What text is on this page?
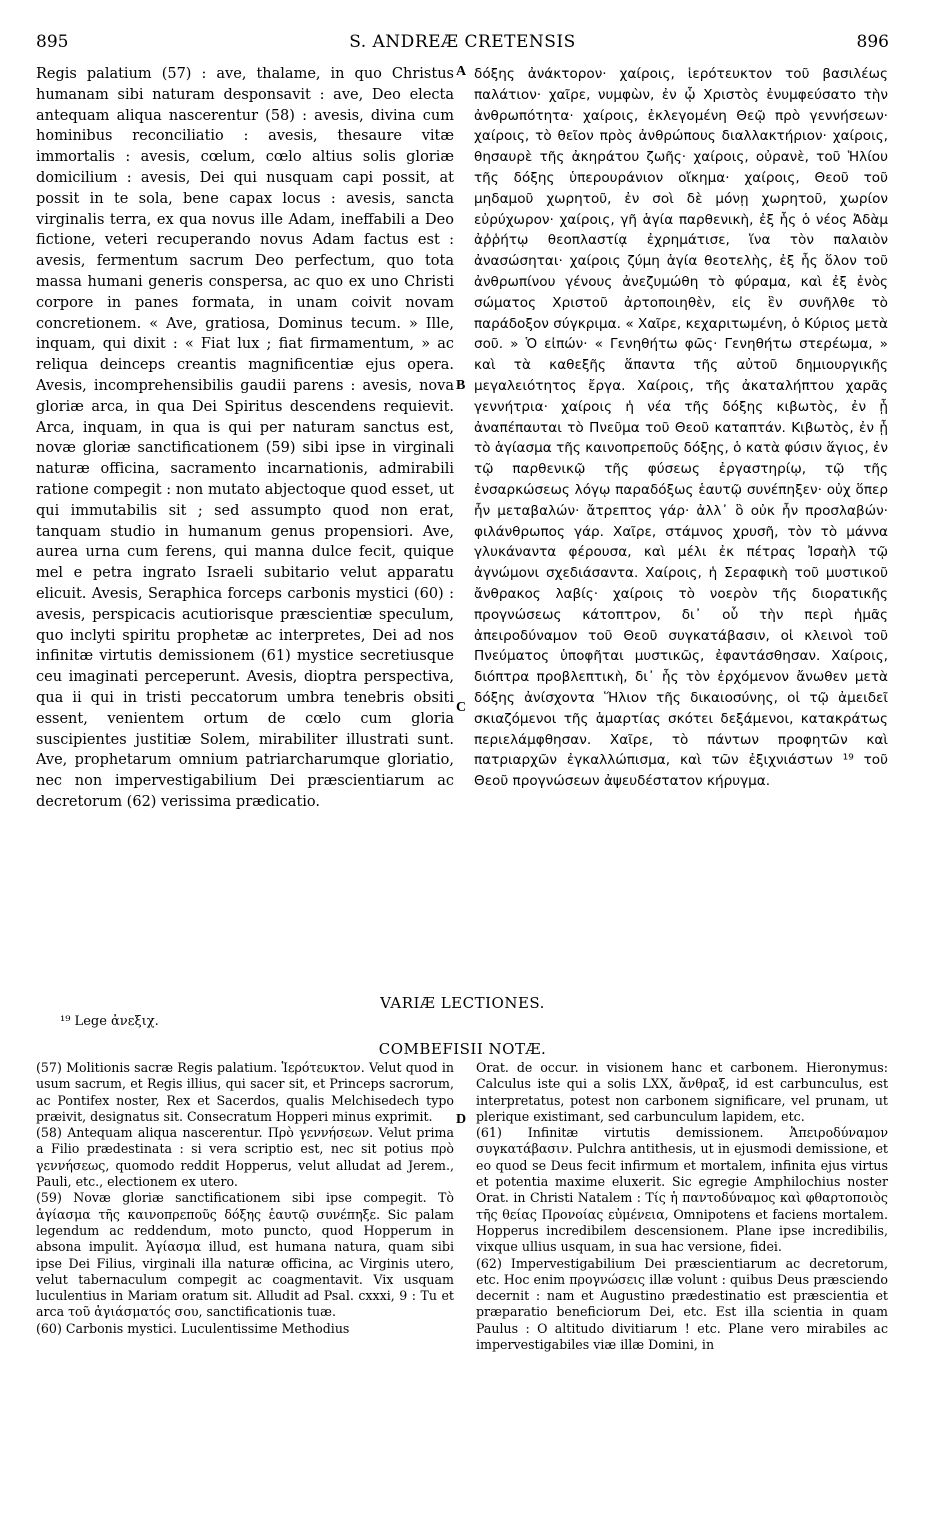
895	S. ANDREÆ CRETENSIS	896

Regis palatium (57) : ave, thalame, in quo Christus humanam sibi naturam desponsavit : ave, Deo electa antequam aliqua nascerentur (58) : avesis, divina cum hominibus reconciliatio : avesis, thesaure vitæ immortalis : avesis, cœlum, cœlo altius solis gloriæ domicilium : avesis, Dei qui nusquam capi possit, at possit in te sola, bene capax locus : avesis, sancta virginalis terra, ex qua novus ille Adam, ineffabili a Deo fictione, veteri recuperando novus Adam factus est : avesis, fermentum sacrum Deo perfectum, quo tota massa humani generis conspersa, ac quo ex uno Christi corpore in panes formata, in unam coivit novam concretionem. « Ave, gratiosa, Dominus tecum. » Ille, inquam, qui dixit : « Fiat lux ; fiat firmamentum, » ac reliqua deinceps creantis magnificentiæ ejus opera. Avesis, incomprehensibilis gaudii parens : avesis, nova gloriæ arca, in qua Dei Spiritus descendens requievit. Arca, inquam, in qua is qui per naturam sanctus est, novæ gloriæ sanctificationem (59) sibi ipse in virginali naturæ officina, sacramento incarnationis, admirabili ratione compegit : non mutato abjectoque quod esset, ut qui immutabilis sit ; sed assumpto quod non erat, tanquam studio in humanum genus propensiori. Ave, aurea urna cum ferens, qui manna dulce fecit, quique mel e petra ingrato Israeli subitario velut apparatu elicuit. Avesis, Seraphica forceps carbonis mystici (60) : avesis, perspicacis acutiorisque præscientiæ speculum, quo inclyti spiritu prophetæ ac interpretes, Dei ad nos infinitæ virtutis demissionem (61) mystice secretiusque ceu imaginati perceperunt. Avesis, dioptra perspectiva, qua ii qui in tristi peccatorum umbra tenebris obsiti essent, venientem ortum de cœlo cum gloria suscipientes justitiæ Solem, mirabiliter illustrati sunt. Ave, prophetarum omnium patriarcharumque gloriatio, nec non impervestigabilium Dei præscientiarum ac decretorum (62) verissima prædicatio.

A
B
C
D

δόξης ἀνάκτορον· χαίροις, ἱερότευκτον τοῦ βασιλέως παλάτιον· χαῖρε, νυμφὼν, ἐν ᾧ Χριστὸς ἐνυμφεύσατο τὴν ἀνθρωπότητα· χαίροις, ἐκλεγομένη Θεῷ πρὸ γεννήσεων· χαίροις, τὸ θεῖον πρὸς ἀνθρώπους διαλλακτήριον· χαίροις, θησαυρὲ τῆς ἀκηράτου ζωῆς· χαίροις, οὐρανὲ, τοῦ Ἡλίου τῆς δόξης ὑπερουράνιον οἴκημα· χαίροις, Θεοῦ τοῦ μηδαμοῦ χωρητοῦ, ἐν σοὶ δὲ μόνῃ χωρητοῦ, χωρίον εὐρύχωρον· χαίροις, γῆ ἁγία παρθενικὴ, ἐξ ἧς ὁ νέος Ἀδὰμ ἀῤῥήτῳ θεοπλαστίᾳ ἐχρημάτισε, ἵνα τὸν παλαιὸν ἀνασώσηται· χαίροις ζύμη ἁγία θεοτελὴς, ἐξ ἧς ὅλον τοῦ ἀνθρωπίνου γένους ἀνεζυμώθη τὸ φύραμα, καὶ ἐξ ἑνὸς σώματος Χριστοῦ ἀρτοποιηθὲν, εἰς ἓν συνῆλθε τὸ παράδοξον σύγκριμα. « Χαῖρε, κεχαριτωμένη, ὁ Κύριος μετὰ σοῦ. » Ὁ εἰπών· « Γενηθήτω φῶς· Γενηθήτω στερέωμα, » καὶ τὰ καθεξῆς ἅπαντα τῆς αὐτοῦ δημιουργικῆς μεγαλειότητος ἔργα. Χαίροις, τῆς ἀκαταλήπτου χαρᾶς γεννήτρια· χαίροις ἡ νέα τῆς δόξης κιβωτὸς, ἐν ᾗ ἀναπέπαυται τὸ Πνεῦμα τοῦ Θεοῦ καταπτάν. Κιβωτὸς, ἐν ᾗ τὸ ἁγίασμα τῆς καινοπρεποῦς δόξης, ὁ κατὰ φύσιν ἅγιος, ἐν τῷ παρθενικῷ τῆς φύσεως ἐργαστηρίῳ, τῷ τῆς ἐνσαρκώσεως λόγῳ παραδόξως ἑαυτῷ συνέπηξεν· οὐχ ὅπερ ἦν μεταβαλών· ἄτρεπτος γάρ· ἀλλ᾽ ὃ οὐκ ἦν προσλαβών· φιλάνθρωπος γάρ. Χαῖρε, στάμνος χρυσῆ, τὸν τὸ μάννα γλυκάναντα φέρουσα, καὶ μέλι ἐκ πέτρας Ἰσραὴλ τῷ ἀγνώμονι σχεδιάσαντα. Χαίροις, ἡ Σεραφικὴ τοῦ μυστικοῦ ἄνθρακος λαβίς· χαίροις τὸ νοερὸν τῆς διορατικῆς προγνώσεως κάτοπτρον, δι᾽ οὗ τὴν περὶ ἡμᾶς ἀπειροδύναμον τοῦ Θεοῦ συγκατάβασιν, οἱ κλεινοὶ τοῦ Πνεύματος ὑποφῆται μυστικῶς, ἐφαντάσθησαν. Χαίροις, διόπτρα προβλεπτικὴ, δι᾽ ἧς τὸν ἐρχόμενον ἄνωθεν μετὰ δόξης ἀνίσχοντα Ἥλιον τῆς δικαιοσύνης, οἱ τῷ ἀμειδεῖ σκιαζόμενοι τῆς ἁμαρτίας σκότει δεξάμενοι, κατακράτως περιελάμφθησαν. Χαῖρε, τὸ πάντων προφητῶν καὶ πατριαρχῶν ἐγκαλλώπισμα, καὶ τῶν ἐξιχνιάστων ¹⁹ τοῦ Θεοῦ προγνώσεων ἀψευδέστατον κήρυγμα.

VARIÆ LECTIONES.
¹⁹ Lege ἀνεξιχ.
COMBEFISII NOTÆ.

(57) Molitionis sacræ Regis palatium. Ἱερότευκτον. Velut quod in usum sacrum, et Regis illius, qui sacer sit, et Princeps sacrorum, ac Pontifex noster, Rex et Sacerdos, qualis Melchisedech typo præivit, designatus sit. Consecratum Hopperi minus exprimit.

(58) Antequam aliqua nascerentur. Πρὸ γεννήσεων. Velut prima a Filio prædestinata : si vera scriptio est, nec sit potius πρὸ γεννήσεως, quomodo reddit Hopperus, velut alludat ad Jerem., Pauli, etc., electionem ex utero.

(59) Novæ gloriæ sanctificationem sibi ipse compegit. Τὸ ἁγίασμα τῆς καινοπρεποῦς δόξης ἑαυτῷ συνέπηξε. Sic palam legendum ac reddendum, moto puncto, quod Hopperum in absona impulit. Ἁγίασμα illud, est humana natura, quam sibi ipse Dei Filius, virginali illa naturæ officina, ac Virginis utero, velut tabernaculum compegit ac coagmentavit. Vix usquam luculentius in Mariam oratum sit. Alludit ad Psal. cxxxi, 9 : Tu et arca τοῦ ἁγιάσματός σου, sanctificationis tuæ.

(60) Carbonis mystici. Luculentissime Methodius

Orat. de occur. in visionem hanc et carbonem. Hieronymus: Calculus iste qui a solis LXX, ἄνθραξ, id est carbunculus, est interpretatus, potest non carbonem significare, vel prunam, ut plerique existimant, sed carbunculum lapidem, etc.

(61) Infinitæ virtutis demissionem. Ἀπειροδύναμον συγκατάβασιν. Pulchra antithesis, ut in ejusmodi demissione, et eo quod se Deus fecit infirmum et mortalem, infinita ejus virtus et potentia maxime eluxerit. Sic egregie Amphilochius noster Orat. in Christi Natalem : Τίς ἡ παντοδύναμος καὶ φθαρτοποιὸς τῆς θείας Προνοίας εὐμένεια, Omnipotens et faciens mortalem. Hopperus incredibilem descensionem. Plane ipse incredibilis, vixque ullius usquam, in sua hac versione, fidei.

(62) Impervestigabilium Dei præscientiarum ac decretorum, etc. Hoc enim προγνώσεις illæ volunt : quibus Deus præsciendo decernit : nam et Augustino prædestinatio est præscientia et præparatio beneficiorum Dei, etc. Est illa scientia in quam Paulus : O altitudo divitiarum ! etc. Plane vero mirabiles ac impervestigabiles viæ illæ Domini, in
